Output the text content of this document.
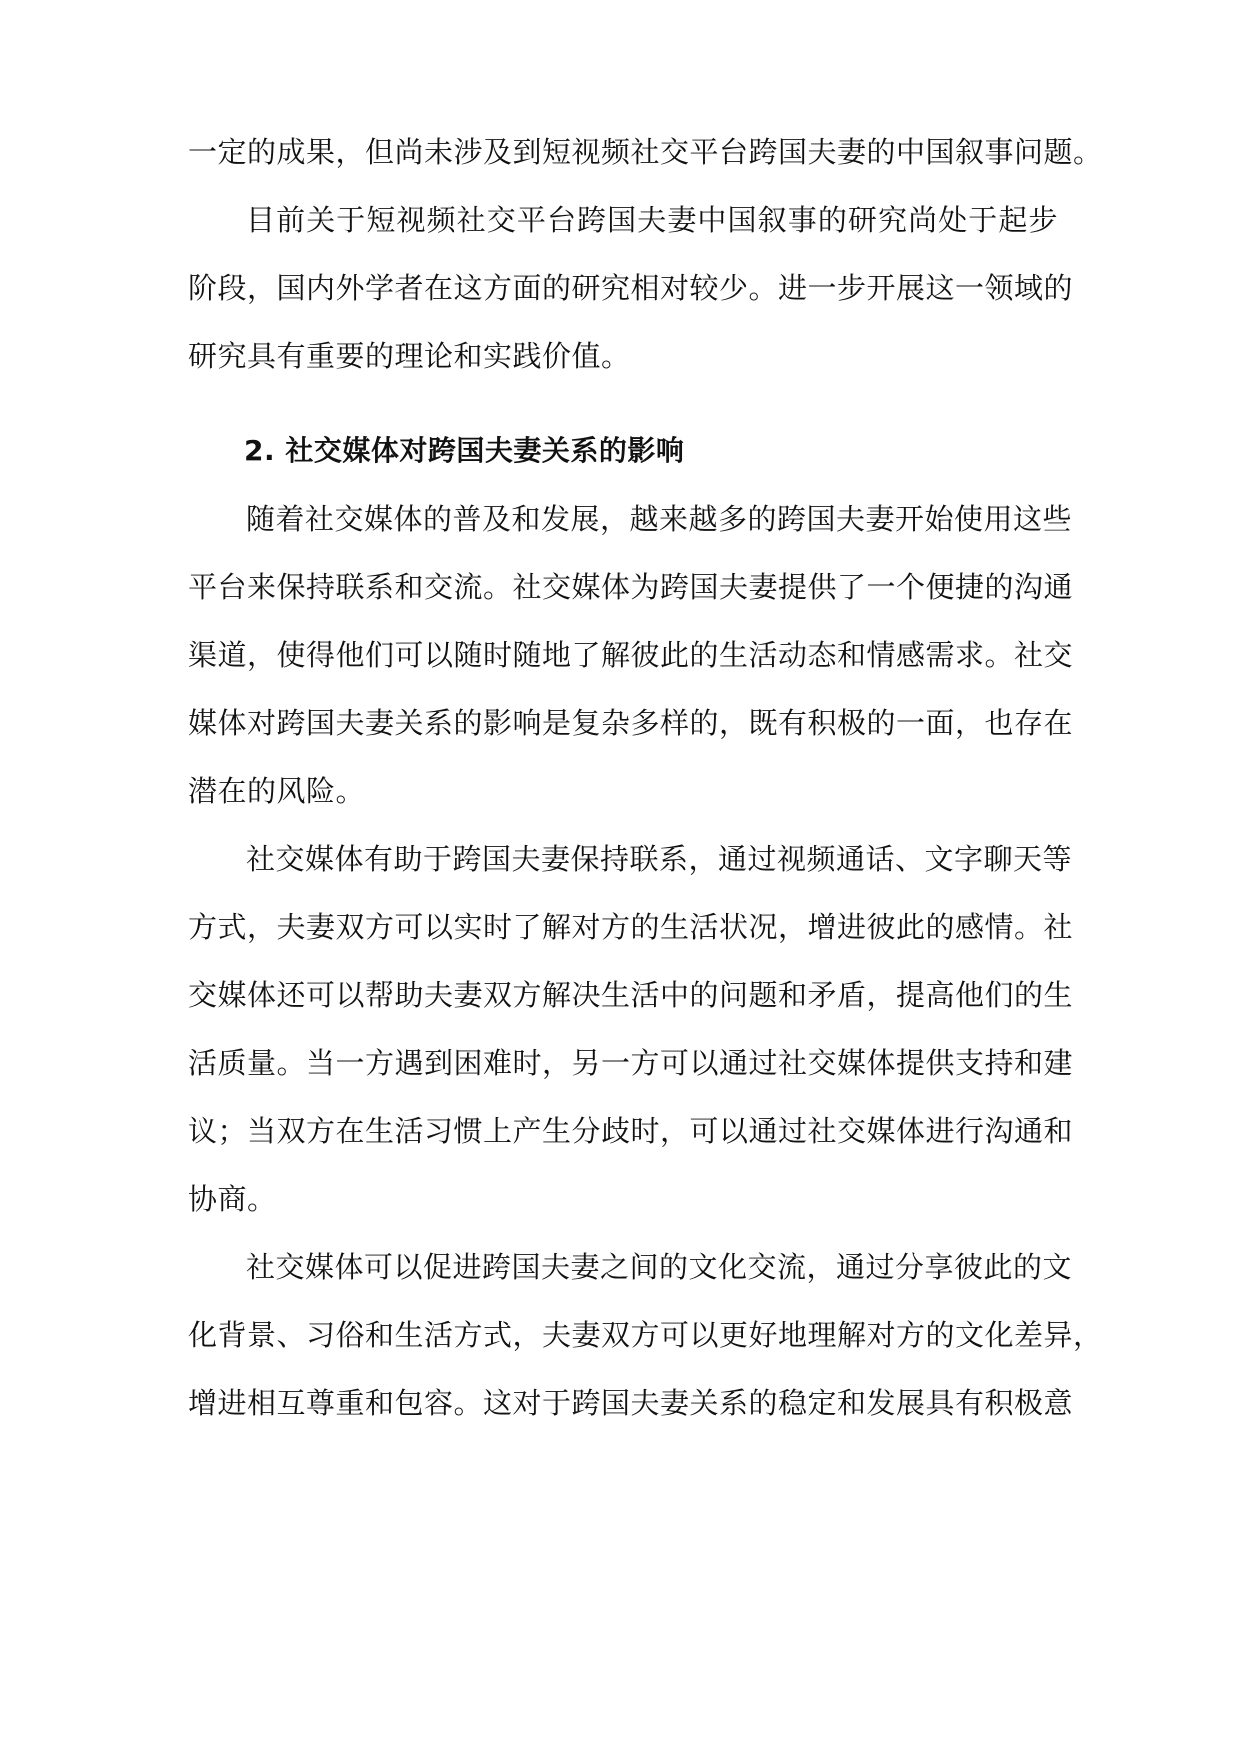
一定的成果，但尚未涉及到短视频社交平台跨国夫妻的中国叙事问题。
目前关于短视频社交平台跨国夫妻中国叙事的研究尚处于起步
阶段，国内外学者在这方面的研究相对较少。进一步开展这一领域的
研究具有重要的理论和实践价值。
2. 社交媒体对跨国夫妻关系的影响
随着社交媒体的普及和发展，越来越多的跨国夫妻开始使用这些
平台来保持联系和交流。社交媒体为跨国夫妻提供了一个便捷的沟通
渠道，使得他们可以随时随地了解彼此的生活动态和情感需求。社交
媒体对跨国夫妻关系的影响是复杂多样的，既有积极的一面，也存在
潜在的风险。
社交媒体有助于跨国夫妻保持联系，通过视频通话、文字聊天等
方式，夫妻双方可以实时了解对方的生活状况，增进彼此的感情。社
交媒体还可以帮助夫妻双方解决生活中的问题和矛盾，提高他们的生
活质量。当一方遇到困难时，另一方可以通过社交媒体提供支持和建
议；当双方在生活习惯上产生分歧时，可以通过社交媒体进行沟通和
协商。
社交媒体可以促进跨国夫妻之间的文化交流，通过分享彼此的文
化背景、习俗和生活方式，夫妻双方可以更好地理解对方的文化差异，
增进相互尊重和包容。这对于跨国夫妻关系的稳定和发展具有积极意
